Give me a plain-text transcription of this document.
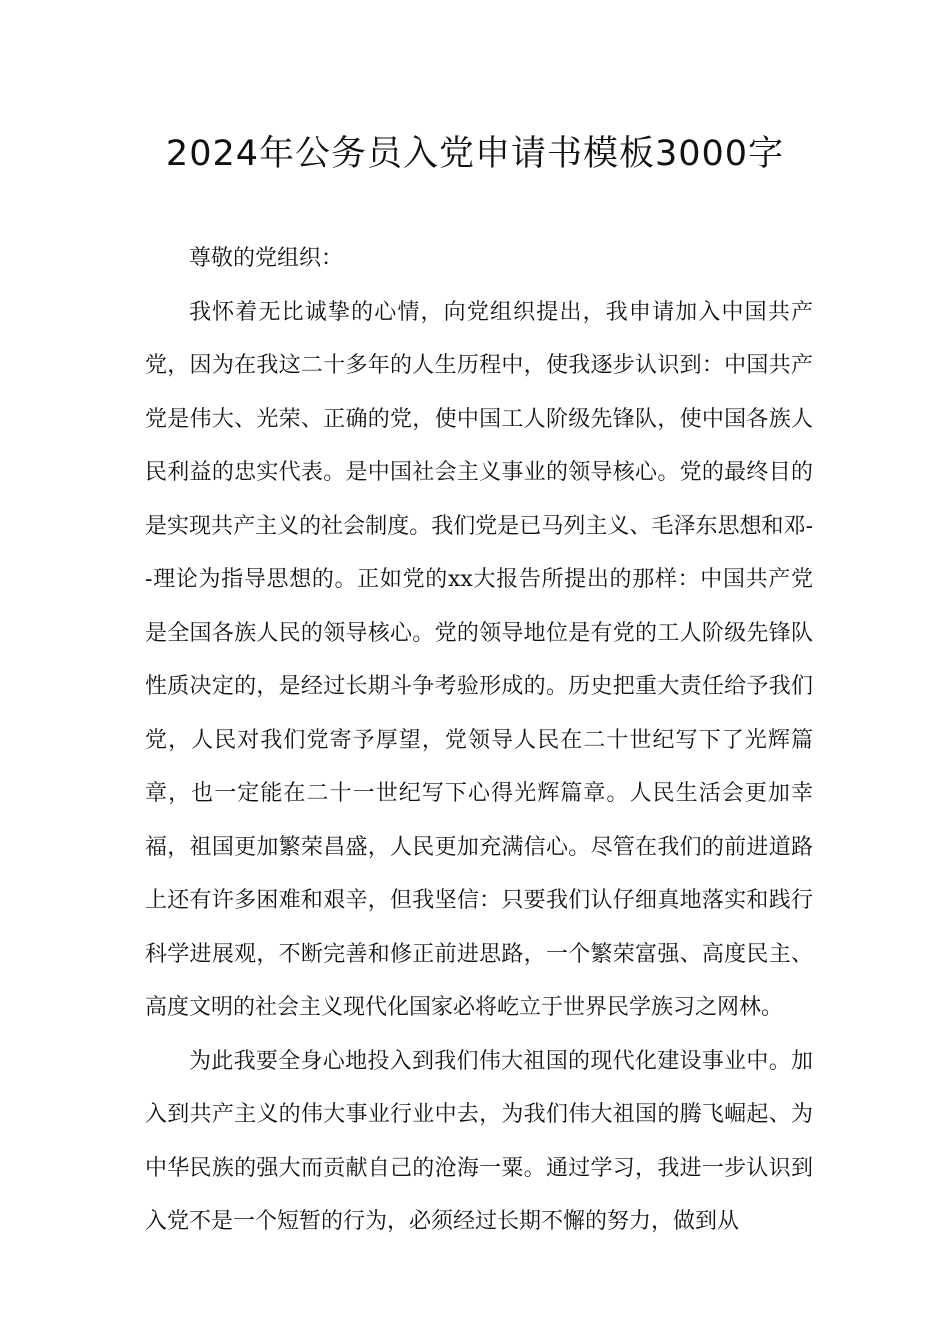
2024年公务员入党申请书模板3000字

尊敬的党组织：

我怀着无比诚挚的心情，向党组织提出，我申请加入中国共产党，因为在我这二十多年的人生历程中，使我逐步认识到：中国共产党是伟大、光荣、正确的党，使中国工人阶级先锋队，使中国各族人民利益的忠实代表。是中国社会主义事业的领导核心。党的最终目的是实现共产主义的社会制度。我们党是已马列主义、毛泽东思想和邓--理论为指导思想的。正如党的xx大报告所提出的那样：中国共产党是全国各族人民的领导核心。党的领导地位是有党的工人阶级先锋队性质决定的，是经过长期斗争考验形成的。历史把重大责任给予我们党，人民对我们党寄予厚望，党领导人民在二十世纪写下了光辉篇章，也一定能在二十一世纪写下心得光辉篇章。人民生活会更加幸福，祖国更加繁荣昌盛，人民更加充满信心。尽管在我们的前进道路上还有许多困难和艰辛，但我坚信：只要我们认仔细真地落实和践行科学进展观，不断完善和修正前进思路，一个繁荣富强、高度民主、高度文明的社会主义现代化国家必将屹立于世界民学族习之网林。

为此我要全身心地投入到我们伟大祖国的现代化建设事业中。加入到共产主义的伟大事业行业中去，为我们伟大祖国的腾飞崛起、为中华民族的强大而贡献自己的沧海一粟。通过学习，我进一步认识到入党不是一个短暂的行为，必须经过长期不懈的努力，做到从
